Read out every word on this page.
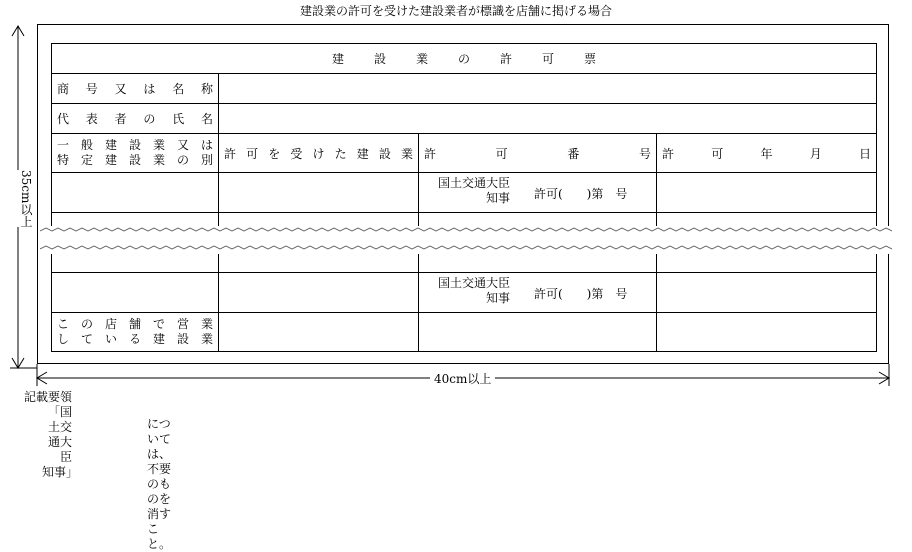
建設業の許可を受けた建設業者が標識を店舗に掲げる場合
建設業の許可票			
商号又は名称			
代表者の氏名			

一般建設業又は
特定建設業の別	許可を受けた建設業	許可番号	許可年月日

		国土交通大臣
知事 許可(　　)第　号	

		国土交通大臣
知事 許可(　　)第　号	

この店舗で営業
している建設業			

35cm以上
40cm以上
記載要領
「国土交通大臣
知事」
については、不要のものを消すこと。
